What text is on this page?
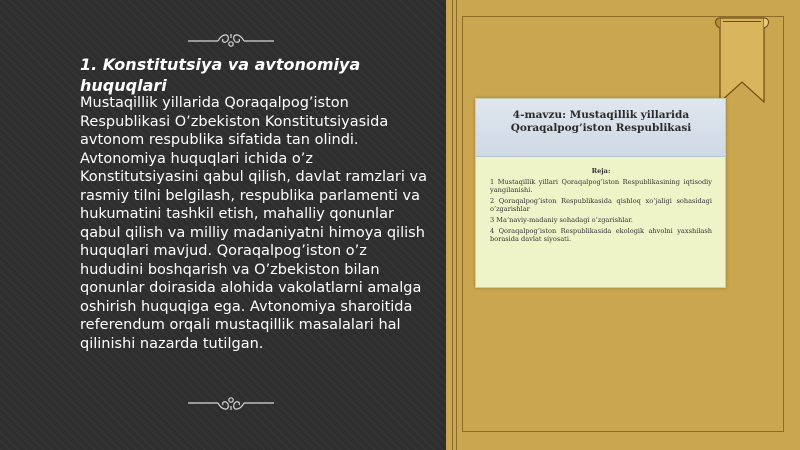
1. Konstitutsiya va avtonomiya huquqlari
Mustaqillik yillarida Qoraqalpog’iston Respublikasi O’zbekiston Konstitutsiyasida avtonom respublika sifatida tan olindi. Avtonomiya huquqlari ichida o’z Konstitutsiyasini qabul qilish, davlat ramzlari va rasmiy tilni belgilash, respublika parlamenti va hukumatini tashkil etish, mahalliy qonunlar qabul qilish va milliy madaniyatni himoya qilish huquqlari mavjud. Qoraqalpog’iston o’z hududini boshqarish va O’zbekiston bilan qonunlar doirasida alohida vakolatlarni amalga oshirish huquqiga ega. Avtonomiya sharoitida referendum orqali mustaqillik masalalari hal qilinishi nazarda tutilgan.
4-mavzu: Mustaqillik yillarida Qoraqalpog’iston Respublikasi
Reja:
1 Mustaqillik yillari Qoraqalpog’iston Respublikasining iqtisodiy yangilanishi.
2 Qoraqalpog’iston Respublikasida qishloq xo’jaligi sohasidagi o’zgarishlar
3 Ma’naviy-madaniy sohadagi o’zgarishlar.
4 Qoraqalpog’iston Respublikasida ekologik ahvolni yaxshilash borasida davlat siyosati.
